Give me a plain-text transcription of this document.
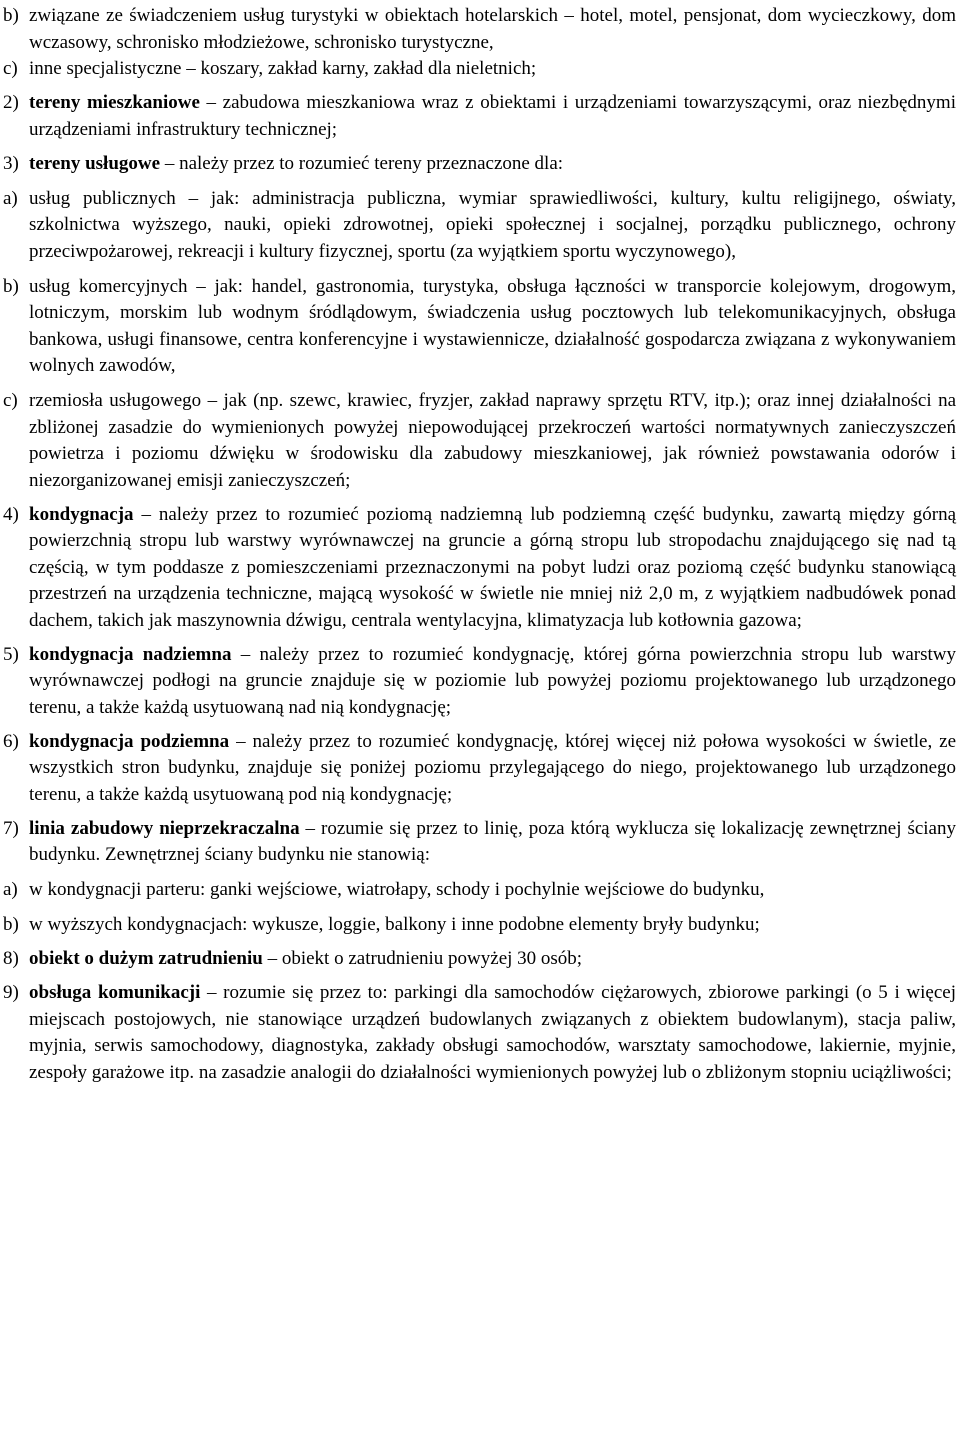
b) związane ze świadczeniem usług turystyki w obiektach hotelarskich – hotel, motel, pensjonat, dom wycieczkowy, dom wczasowy, schronisko młodzieżowe, schronisko turystyczne,

c) inne specjalistyczne – koszary, zakład karny, zakład dla nieletnich;

2) tereny mieszkaniowe – zabudowa mieszkaniowa wraz z obiektami i urządzeniami towarzyszącymi, oraz niezbędnymi urządzeniami infrastruktury technicznej;

3) tereny usługowe – należy przez to rozumieć tereny przeznaczone dla:

a) usług publicznych – jak: administracja publiczna, wymiar sprawiedliwości, kultury, kultu religijnego, oświaty, szkolnictwa wyższego, nauki, opieki zdrowotnej, opieki społecznej i socjalnej, porządku publicznego, ochrony przeciwpożarowej, rekreacji i kultury fizycznej, sportu (za wyjątkiem sportu wyczynowego),

b) usług komercyjnych – jak: handel, gastronomia, turystyka, obsługa łączności w transporcie kolejowym, drogowym, lotniczym, morskim lub wodnym śródlądowym, świadczenia usług pocztowych lub telekomunikacyjnych, obsługa bankowa, usługi finansowe, centra konferencyjne i wystawiennicze, działalność gospodarcza związana z wykonywaniem wolnych zawodów,

c) rzemiosła usługowego – jak (np. szewc, krawiec, fryzjer, zakład naprawy sprzętu RTV, itp.); oraz innej działalności na zbliżonej zasadzie do wymienionych powyżej niepowodującej przekroczeń wartości normatywnych zanieczyszczeń powietrza i poziomu dźwięku w środowisku dla zabudowy mieszkaniowej, jak również powstawania odorów i niezorganizowanej emisji zanieczyszczeń;

4) kondygnacja – należy przez to rozumieć poziomą nadziemną lub podziemną część budynku, zawartą między górną powierzchnią stropu lub warstwy wyrównawczej na gruncie a górną stropu lub stropodachu znajdującego się nad tą częścią, w tym poddasze z pomieszczeniami przeznaczonymi na pobyt ludzi oraz poziomą część budynku stanowiącą przestrzeń na urządzenia techniczne, mającą wysokość w świetle nie mniej niż 2,0 m, z wyjątkiem nadbudówek ponad dachem, takich jak maszynownia dźwigu, centrala wentylacyjna, klimatyzacja lub kotłownia gazowa;

5) kondygnacja nadziemna – należy przez to rozumieć kondygnację, której górna powierzchnia stropu lub warstwy wyrównawczej podłogi na gruncie znajduje się w poziomie lub powyżej poziomu projektowanego lub urządzonego terenu, a także każdą usytuowaną nad nią kondygnację;

6) kondygnacja podziemna – należy przez to rozumieć kondygnację, której więcej niż połowa wysokości w świetle, ze wszystkich stron budynku, znajduje się poniżej poziomu przylegającego do niego, projektowanego lub urządzonego terenu, a także każdą usytuowaną pod nią kondygnację;

7) linia zabudowy nieprzekraczalna – rozumie się przez to linię, poza którą wyklucza się lokalizację zewnętrznej ściany budynku. Zewnętrznej ściany budynku nie stanowią:

a) w kondygnacji parteru: ganki wejściowe, wiatrołapy, schody i pochylnie wejściowe do budynku,

b) w wyższych kondygnacjach: wykusze, loggie, balkony i inne podobne elementy bryły budynku;

8) obiekt o dużym zatrudnieniu – obiekt o zatrudnieniu powyżej 30 osób;

9) obsługa komunikacji – rozumie się przez to: parkingi dla samochodów ciężarowych, zbiorowe parkingi (o 5 i więcej miejscach postojowych, nie stanowiące urządzeń budowlanych związanych z obiektem budowlanym), stacja paliw, myjnia, serwis samochodowy, diagnostyka, zakłady obsługi samochodów, warsztaty samochodowe, lakiernie, myjnie, zespoły garażowe itp. na zasadzie analogii do działalności wymienionych powyżej lub o zbliżonym stopniu uciążliwości;
